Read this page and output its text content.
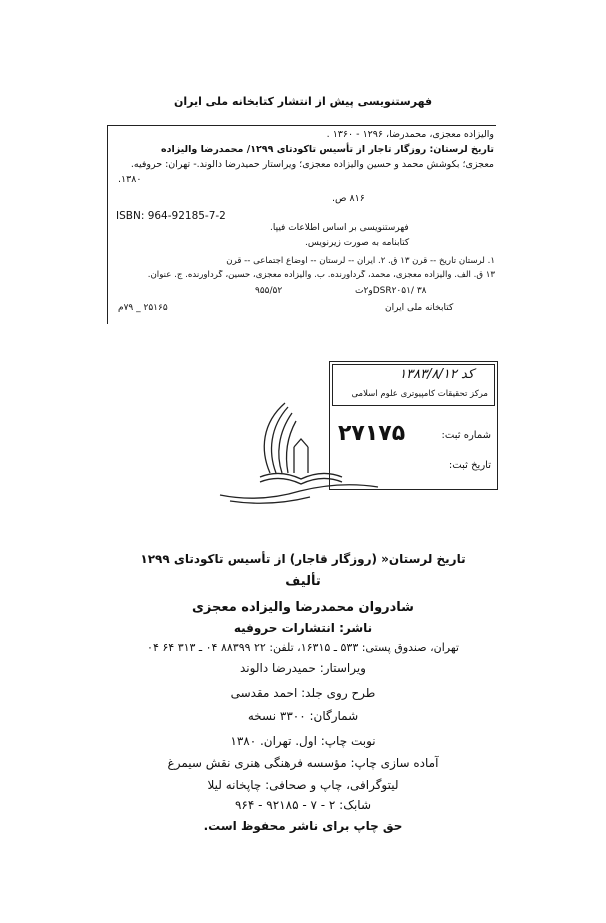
فهرستنویسی پیش از انتشار کتابخانه ملی ایران
والیزاده معجزی، محمدرضا، ۱۲۹۶ - ۱۳۶۰ .
تاریخ لرستان: روزگار تاجار از تأسیس تاکودتای ۱۲۹۹/ محمدرضا والیزاده
معجزی؛ بکوشش محمد و حسین والیزاده معجزی؛ ویراستار حمیدرضا دالوند.- تهران: حروفیه.
۱۳۸۰.
۸۱۶ ص.
ISBN: 964-92185-7-2
فهرستنویسی بر اساس اطلاعات فیپا.
کتابنامه به صورت زیرنویس.
۱. لرستان تاریخ -- قرن ۱۳ ق. ۲. ایران -- لرستان -- اوضاع اجتماعی -- قرن
۱۳ ق. الف. والیزاده معجزی، محمد، گردآورنده. ب. والیزاده معجزی، حسین، گردآورنده. ج. عنوان.
DSR۲۰۵۱/ ۳۸و۲ت
۹۵۵/۵۲
کتابخانه ملی ایران
۲۵۱۶۵ _ ۷۹م
کد ۱۳۸۳/۸/۱۲
مرکز تحقیقات کامپیوتری علوم اسلامی
شماره ثبت:
۲۷۱۷۵
تاریخ ثبت:
تاریخ لرستان« (روزگار قاجار) از تأسیس تاکودتای ۱۲۹۹
تألیف
شادروان محمدرضا والیزاده معجزی
ناشر: انتشارات حروفیه
تهران، صندوق پستی: ۵۳۳ ـ ۱۶۳۱۵، تلفن: ۲۲ ۸۸۳۹۹ ۰۴ ـ ۳۱۳ ۶۴ ۰۴
ویراستار: حمیدرضا دالوند
طرح روی جلد: احمد مقدسی
شمارگان: ۳۳۰۰ نسخه
نوبت چاپ: اول. تهران. ۱۳۸۰
آماده سازی چاپ: مؤسسه فرهنگی هنری نقش سیمرغ
لیتوگرافی، چاپ و صحافی: چاپخانه لیلا
شابک: ۲ - ۷ - ۹۲۱۸۵ - ۹۶۴
حق چاپ برای ناشر محفوظ است.
